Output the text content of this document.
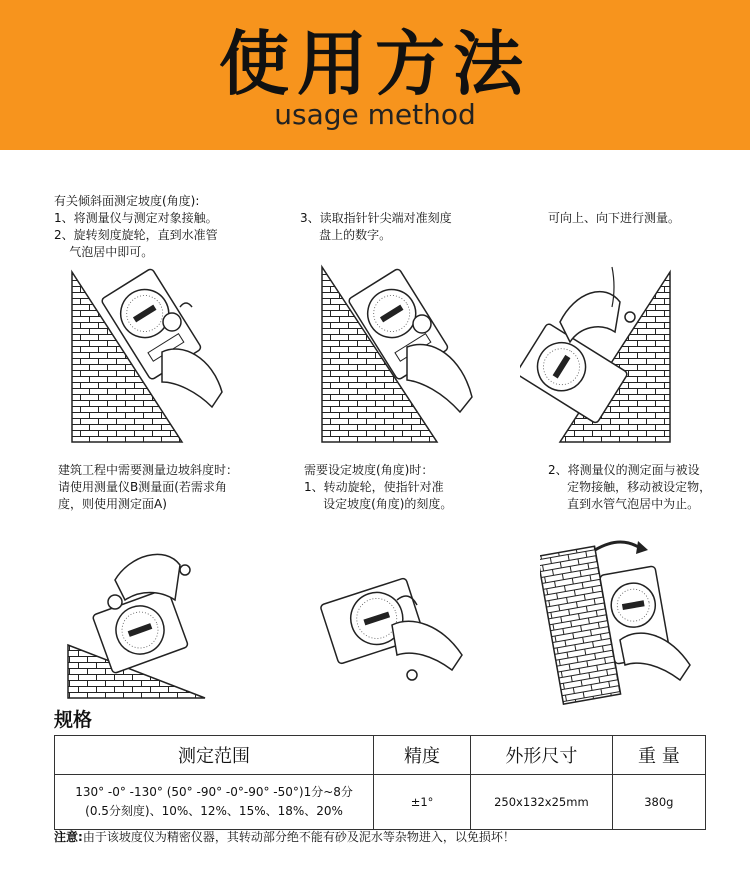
使用方法
usage method
有关倾斜面测定坡度(角度):
1、将测量仪与测定对象接触。
2、旋转刻度旋轮，直到水准管
气泡居中即可。
3、读取指针针尖端对准刻度
盘上的数字。
可向上、向下进行测量。
建筑工程中需要测量边坡斜度时：
请使用测量仪B测量面(若需求角
度，则使用测定面A)
需要设定坡度(角度)时：
1、转动旋轮，使指针对准
设定坡度(角度)的刻度。
2、将测量仪的测定面与被设
定物接触，移动被设定物，
直到水管气泡居中为止。
规格
测定范围	精度	外形尺寸	重 量

130° -0° -130° (50° -90° -0°-90° -50°)1分~8分
(0.5分刻度)、10%、12%、15%、18%、20%	±1°	250x132x25mm	380g
注意:由于该坡度仪为精密仪器，其转动部分绝不能有砂及泥水等杂物进入，以免损坏！
